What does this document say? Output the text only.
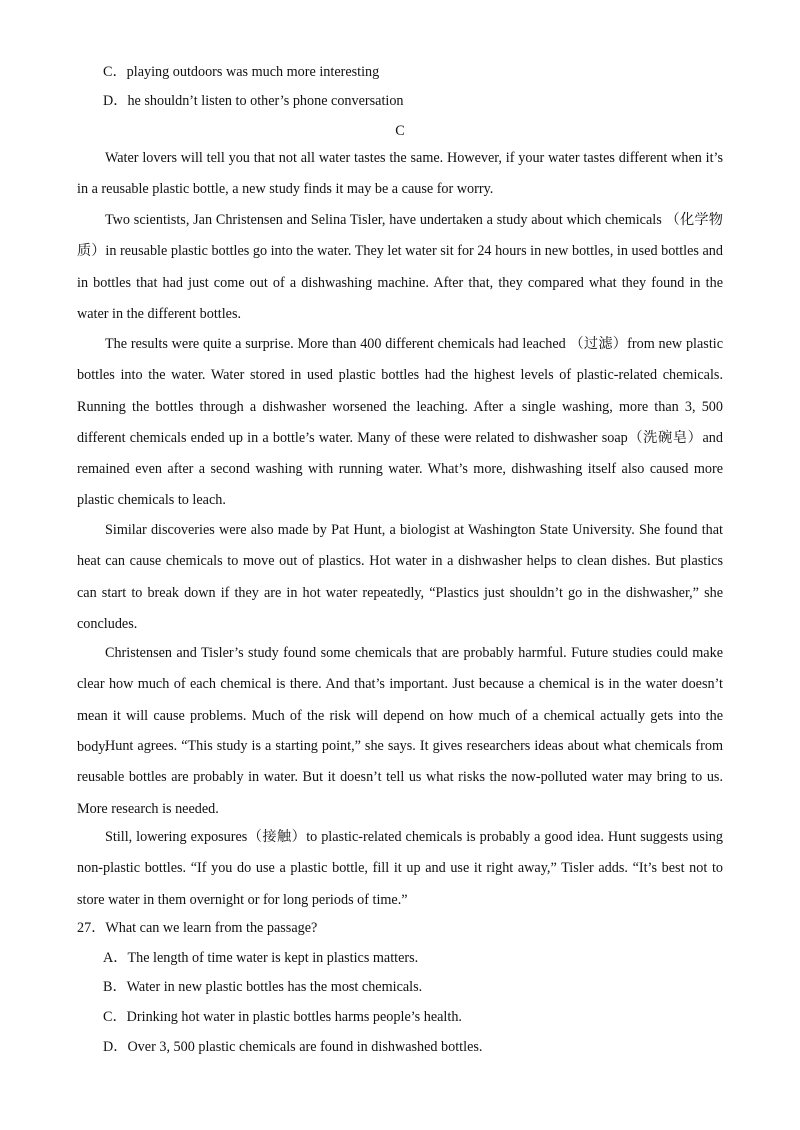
C．playing outdoors was much more interesting
D．he shouldn’t listen to other’s phone conversation
C

Water lovers will tell you that not all water tastes the same. However, if your water tastes different when it’s in a reusable plastic bottle, a new study finds it may be a cause for worry.

Two scientists, Jan Christensen and Selina Tisler, have undertaken a study about which chemicals （化学物质）in reusable plastic bottles go into the water. They let water sit for 24 hours in new bottles, in used bottles and in bottles that had just come out of a dishwashing machine. After that, they compared what they found in the water in the different bottles.

The results were quite a surprise. More than 400 different chemicals had leached （过滤）from new plastic bottles into the water. Water stored in used plastic bottles had the highest levels of plastic-related chemicals. Running the bottles through a dishwasher worsened the leaching. After a single washing, more than 3, 500 different chemicals ended up in a bottle’s water. Many of these were related to dishwasher soap（洗碗皂）and remained even after a second washing with running water. What’s more, dishwashing itself also caused more plastic chemicals to leach.

Similar discoveries were also made by Pat Hunt, a biologist at Washington State University. She found that heat can cause chemicals to move out of plastics. Hot water in a dishwasher helps to clean dishes. But plastics can start to break down if they are in hot water repeatedly, “Plastics just shouldn’t go in the dishwasher,” she concludes.

Christensen and Tisler’s study found some chemicals that are probably harmful. Future studies could make clear how much of each chemical is there. And that’s important. Just because a chemical is in the water doesn’t mean it will cause problems. Much of the risk will depend on how much of a chemical actually gets into the body.

Hunt agrees. “This study is a starting point,” she says. It gives researchers ideas about what chemicals from reusable bottles are probably in water. But it doesn’t tell us what risks the now-polluted water may bring to us. More research is needed.

Still, lowering exposures（接触）to plastic-related chemicals is probably a good idea. Hunt suggests using non-plastic bottles. “If you do use a plastic bottle, fill it up and use it right away,” Tisler adds. “It’s best not to store water in them overnight or for long periods of time.”

27．What can we learn from the passage?
A．The length of time water is kept in plastics matters.
B．Water in new plastic bottles has the most chemicals.
C．Drinking hot water in plastic bottles harms people’s health.
D．Over 3, 500 plastic chemicals are found in dishwashed bottles.
